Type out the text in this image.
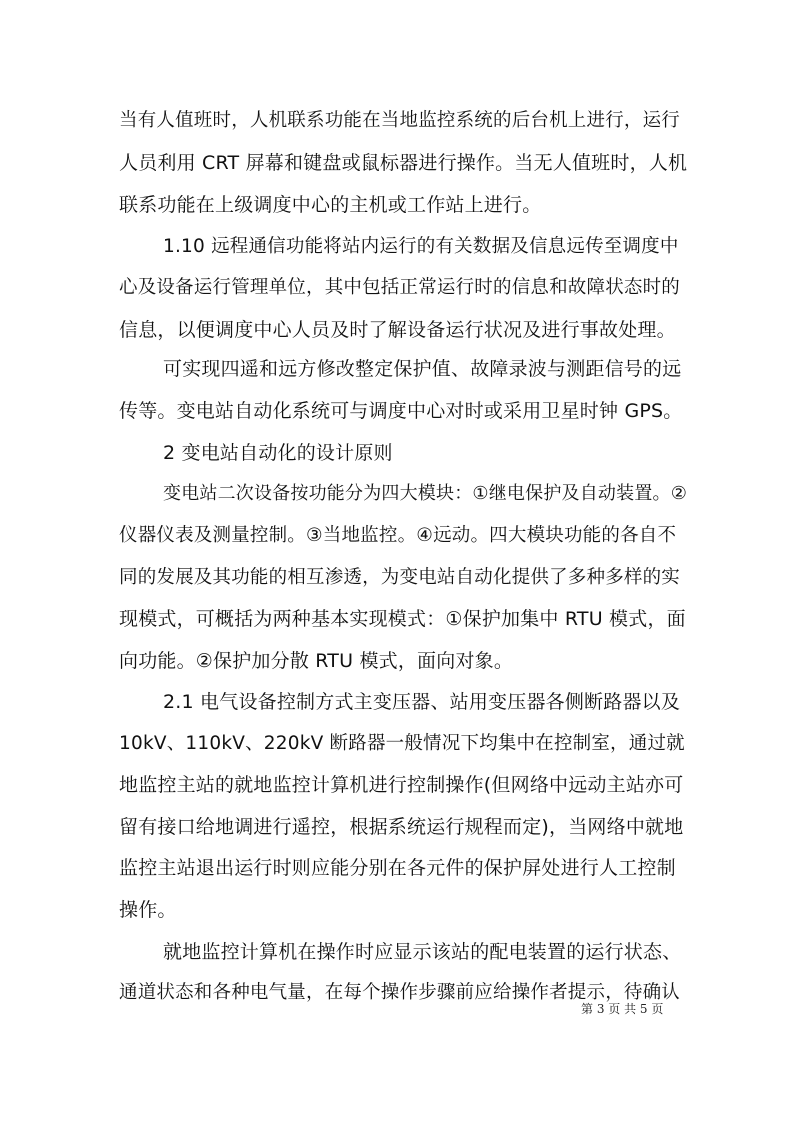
当有人值班时，人机联系功能在当地监控系统的后台机上进行，运行
人员利用 CRT 屏幕和键盘或鼠标器进行操作。当无人值班时，人机
联系功能在上级调度中心的主机或工作站上进行。
1.10 远程通信功能将站内运行的有关数据及信息远传至调度中
心及设备运行管理单位，其中包括正常运行时的信息和故障状态时的
信息，以便调度中心人员及时了解设备运行状况及进行事故处理。
可实现四遥和远方修改整定保护值、故障录波与测距信号的远
传等。变电站自动化系统可与调度中心对时或采用卫星时钟 GPS。
2 变电站自动化的设计原则
变电站二次设备按功能分为四大模块：①继电保护及自动装置。②
仪器仪表及测量控制。③当地监控。④远动。四大模块功能的各自不
同的发展及其功能的相互渗透，为变电站自动化提供了多种多样的实
现模式，可概括为两种基本实现模式：①保护加集中 RTU 模式，面
向功能。②保护加分散 RTU 模式，面向对象。
2.1 电气设备控制方式主变压器、站用变压器各侧断路器以及
10kV、110kV、220kV 断路器一般情况下均集中在控制室，通过就
地监控主站的就地监控计算机进行控制操作(但网络中远动主站亦可
留有接口给地调进行遥控，根据系统运行规程而定)，当网络中就地
监控主站退出运行时则应能分别在各元件的保护屏处进行人工控制
操作。
就地监控计算机在操作时应显示该站的配电装置的运行状态、
通道状态和各种电气量，在每个操作步骤前应给操作者提示，待确认
第 3 页 共 5 页
